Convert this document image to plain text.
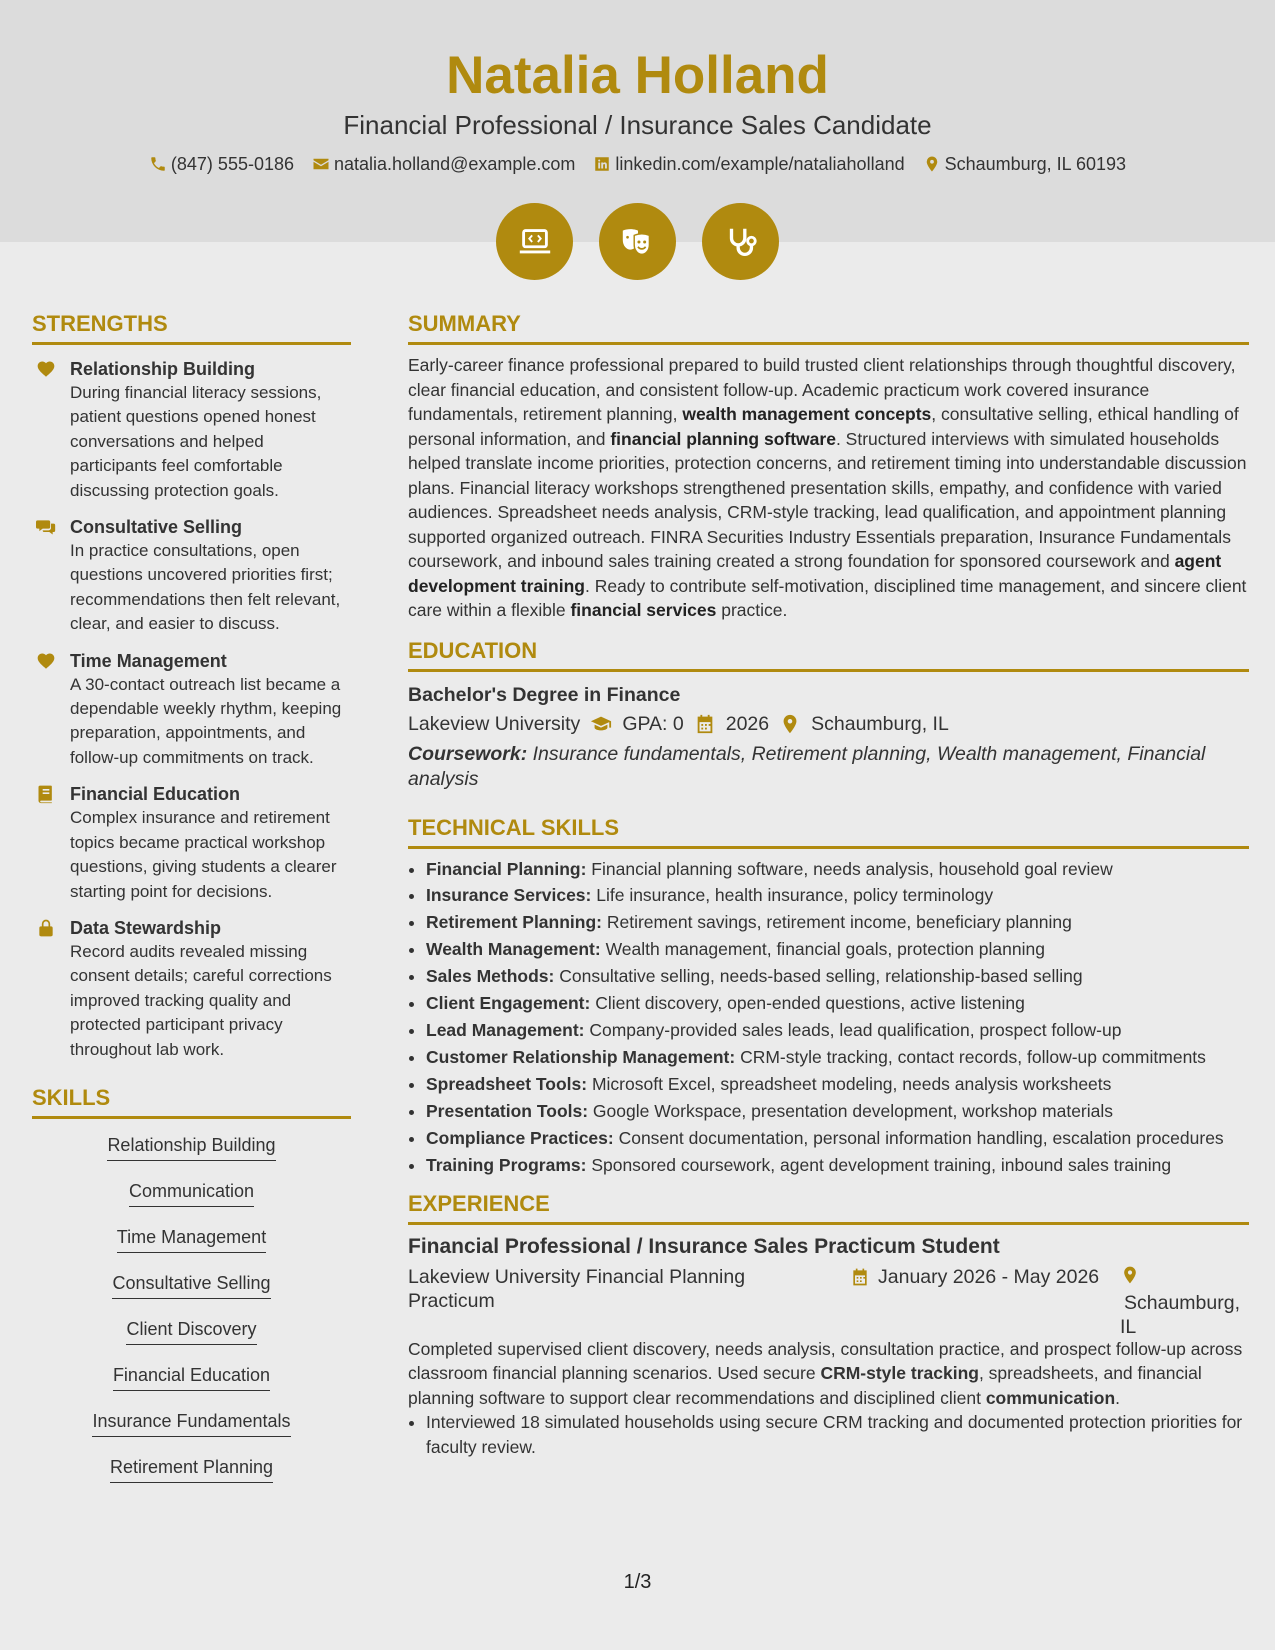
Natalia Holland
Financial Professional / Insurance Sales Candidate
(847) 555-0186 natalia.holland@example.com linkedin.com/example/nataliaholland Schaumburg, IL 60193
STRENGTHS
Relationship Building
During financial literacy sessions, patient questions opened honest conversations and helped participants feel comfortable discussing protection goals.
Consultative Selling
In practice consultations, open questions uncovered priorities first; recommendations then felt relevant, clear, and easier to discuss.
Time Management
A 30-contact outreach list became a dependable weekly rhythm, keeping preparation, appointments, and follow-up commitments on track.
Financial Education
Complex insurance and retirement topics became practical workshop questions, giving students a clearer starting point for decisions.
Data Stewardship
Record audits revealed missing consent details; careful corrections improved tracking quality and protected participant privacy throughout lab work.
SKILLS
Relationship Building
Communication
Time Management
Consultative Selling
Client Discovery
Financial Education
Insurance Fundamentals
Retirement Planning
SUMMARY

Early-career finance professional prepared to build trusted client relationships through thoughtful discovery, clear financial education, and consistent follow-up. Academic practicum work covered insurance fundamentals, retirement planning, wealth management concepts, consultative selling, ethical handling of personal information, and financial planning software. Structured interviews with simulated households helped translate income priorities, protection concerns, and retirement timing into understandable discussion plans. Financial literacy workshops strengthened presentation skills, empathy, and confidence with varied audiences. Spreadsheet needs analysis, CRM-style tracking, lead qualification, and appointment planning supported organized outreach. FINRA Securities Industry Essentials preparation, Insurance Fundamentals coursework, and inbound sales training created a strong foundation for sponsored coursework and agent development training. Ready to contribute self-motivation, disciplined time management, and sincere client care within a flexible financial services practice.

EDUCATION
Bachelor's Degree in Finance
Lakeview University GPA: 0 2026 Schaumburg, IL
Coursework: Insurance fundamentals, Retirement planning, Wealth management, Financial analysis
TECHNICAL SKILLS
• Financial Planning: Financial planning software, needs analysis, household goal review
• Insurance Services: Life insurance, health insurance, policy terminology
• Retirement Planning: Retirement savings, retirement income, beneficiary planning
• Wealth Management: Wealth management, financial goals, protection planning
• Sales Methods: Consultative selling, needs-based selling, relationship-based selling
• Client Engagement: Client discovery, open-ended questions, active listening
• Lead Management: Company-provided sales leads, lead qualification, prospect follow-up
• Customer Relationship Management: CRM-style tracking, contact records, follow-up commitments
• Spreadsheet Tools: Microsoft Excel, spreadsheet modeling, needs analysis worksheets
• Presentation Tools: Google Workspace, presentation development, workshop materials
• Compliance Practices: Consent documentation, personal information handling, escalation procedures
• Training Programs: Sponsored coursework, agent development training, inbound sales training
EXPERIENCE
Financial Professional / Insurance Sales Practicum Student
Lakeview University Financial Planning Practicum
January 2026 - May 2026

Schaumburg, IL

Completed supervised client discovery, needs analysis, consultation practice, and prospect follow-up across classroom financial planning scenarios. Used secure CRM-style tracking, spreadsheets, and financial planning software to support clear recommendations and disciplined client communication.

• Interviewed 18 simulated households using secure CRM tracking and documented protection priorities for faculty review.
1/3
